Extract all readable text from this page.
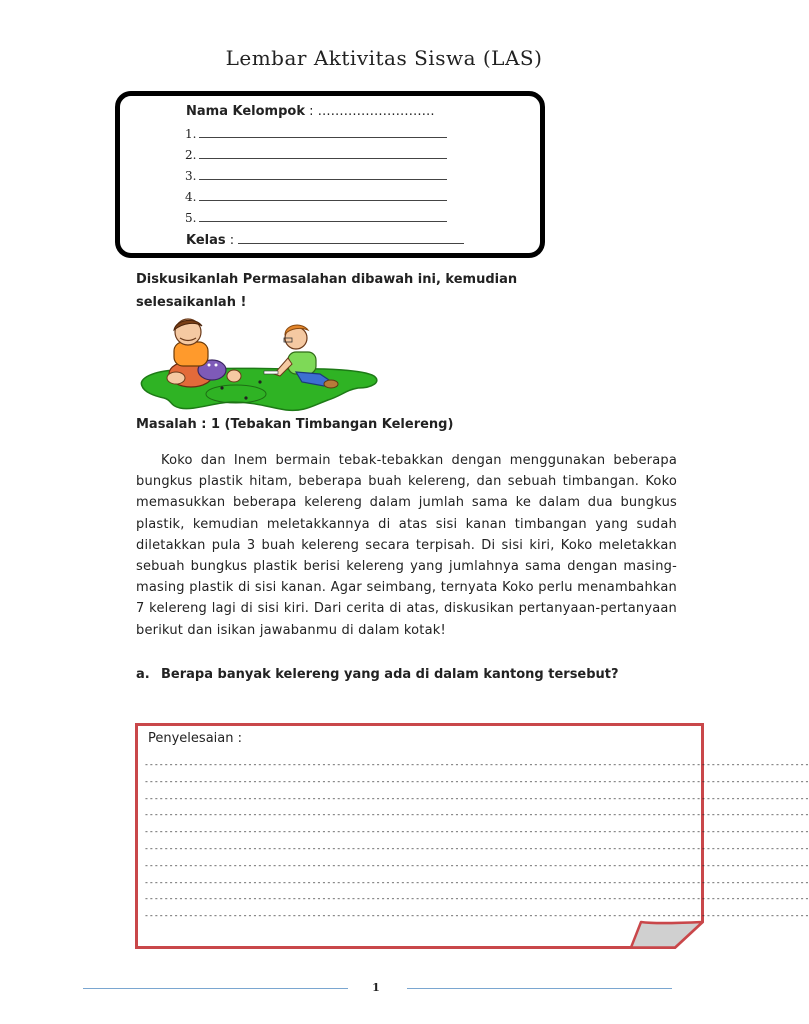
Lembar Aktivitas Siswa (LAS)
Nama Kelompok : ………………………
1.
2.
3.
4.
5.
Kelas :
Diskusikanlah Permasalahan dibawah ini, kemudian
selesaikanlah !
Masalah : 1 (Tebakan Timbangan Kelereng)
Koko dan Inem bermain tebak-tebakkan dengan menggunakan beberapa bungkus plastik hitam, beberapa buah kelereng, dan sebuah timbangan. Koko memasukkan beberapa kelereng dalam jumlah sama ke dalam dua bungkus plastik, kemudian meletakkannya di atas sisi kanan timbangan yang sudah diletakkan pula 3 buah kelereng secara terpisah. Di sisi kiri, Koko meletakkan sebuah bungkus plastik berisi kelereng yang jumlahnya sama dengan masing-masing plastik di sisi kanan. Agar seimbang, ternyata Koko perlu menambahkan 7 kelereng lagi di sisi kiri. Dari cerita di atas, diskusikan pertanyaan-pertanyaan berikut dan isikan jawabanmu di dalam kotak!
a. Berapa banyak kelereng yang ada di dalam kantong tersebut?
Penyelesaian :
---------------------------------------------------------------------------------------------------------------------------------------
---------------------------------------------------------------------------------------------------------------------------------------
---------------------------------------------------------------------------------------------------------------------------------------
---------------------------------------------------------------------------------------------------------------------------------------
---------------------------------------------------------------------------------------------------------------------------------------
---------------------------------------------------------------------------------------------------------------------------------------
---------------------------------------------------------------------------------------------------------------------------------------
---------------------------------------------------------------------------------------------------------------------------------------
---------------------------------------------------------------------------------------------------------------------------------------
---------------------------------------------------------------------------------------------------------------------------------------
1
